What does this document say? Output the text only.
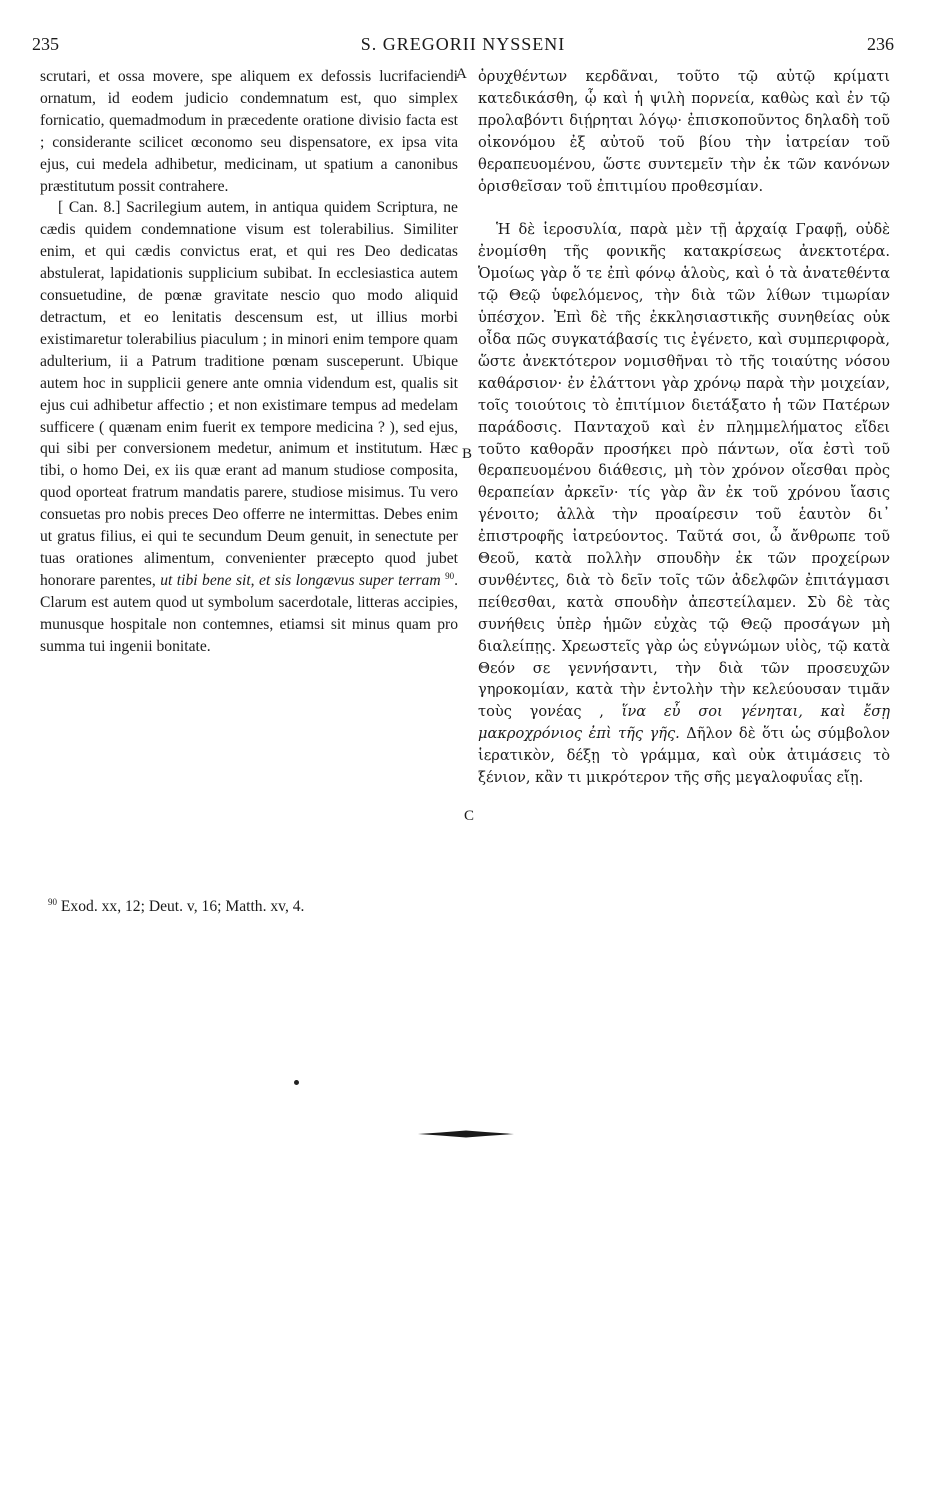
235	S. GREGORII NYSSENI	236

scrutari, et ossa movere, spe aliquem ex defossis lucrifaciendi ornatum, id eodem judicio condemnatum est, quo simplex fornicatio, quemadmodum in præcedente oratione divisio facta est ; considerante scilicet œconomo seu dispensatore, ex ipsa vita ejus, cui medela adhibetur, medicinam, ut spatium a canonibus præstitutum possit contrahere.

[ Can. 8.] Sacrilegium autem, in antiqua quidem Scriptura, ne cædis quidem condemnatione visum est tolerabilius. Similiter enim, et qui cædis convictus erat, et qui res Deo dedicatas abstulerat, lapidationis supplicium subibat. In ecclesiastica autem consuetudine, de pœnæ gravitate nescio quo modo aliquid detractum, et eo lenitatis descensum est, ut illius morbi existimaretur tolerabilius piaculum ; in minori enim tempore quam adulterium, ii a Patrum traditione pœnam susceperunt. Ubique autem hoc in supplicii genere ante omnia videndum est, qualis sit ejus cui adhibetur affectio ; et non existimare tempus ad medelam sufficere ( quænam enim fuerit ex tempore medicina ? ), sed ejus, qui sibi per conversionem medetur, animum et institutum. Hæc tibi, o homo Dei, ex iis quæ erant ad manum studiose composita, quod oporteat fratrum mandatis parere, studiose misimus. Tu vero consuetas pro nobis preces Deo offerre ne intermittas. Debes enim ut gratus filius, ei qui te secundum Deum genuit, in senectute per tuas orationes alimentum, convenienter præcepto quod jubet honorare parentes, ut tibi bene sit, et sis longævus super terram $^{90}$. Clarum est autem quod ut symbolum sacerdotale, litteras accipies, munusque hospitale non contemnes, etiamsi sit minus quam pro summa tui ingenii bonitate.

A
B
C

ὀρυχθέντων κερδᾶναι, τοῦτο τῷ αὐτῷ κρίματι κατεδικάσθη, ᾧ καὶ ἡ ψιλὴ πορνεία, καθὼς καὶ ἐν τῷ προλαβόντι διῄρηται λόγῳ· ἐπισκοποῦντος δηλαδὴ τοῦ οἰκονόμου ἐξ αὐτοῦ τοῦ βίου τὴν ἰατρείαν τοῦ θεραπευομένου, ὥστε συντεμεῖν τὴν ἐκ τῶν κανόνων ὁρισθεῖσαν τοῦ ἐπιτιμίου προθεσμίαν.

Ἡ δὲ ἱεροσυλία, παρὰ μὲν τῇ ἀρχαίᾳ Γραφῇ, οὐδὲ ἐνομίσθη τῆς φονικῆς κατακρίσεως ἀνεκτοτέρα. Ὁμοίως γὰρ ὅ τε ἐπὶ φόνῳ ἁλοὺς, καὶ ὁ τὰ ἀνατεθέντα τῷ Θεῷ ὑφελόμενος, τὴν διὰ τῶν λίθων τιμωρίαν ὑπέσχον. Ἐπὶ δὲ τῆς ἐκκλησιαστικῆς συνηθείας οὐκ οἶδα πῶς συγκατάβασίς τις ἐγένετο, καὶ συμπεριφορὰ, ὥστε ἀνεκτότερον νομισθῆναι τὸ τῆς τοιαύτης νόσου καθάρσιον· ἐν ἐλάττονι γὰρ χρόνῳ παρὰ τὴν μοιχείαν, τοῖς τοιούτοις τὸ ἐπιτίμιον διετάξατο ἡ τῶν Πατέρων παράδοσις. Πανταχοῦ καὶ ἐν πλημμελήματος εἴδει τοῦτο καθορᾶν προσήκει πρὸ πάντων, οἵα ἐστὶ τοῦ θεραπευομένου διάθεσις, μὴ τὸν χρόνον οἴεσθαι πρὸς θεραπείαν ἀρκεῖν· τίς γὰρ ἂν ἐκ τοῦ χρόνου ἴασις γένοιτο; ἀλλὰ τὴν προαίρεσιν τοῦ ἑαυτὸν δι᾽ ἐπιστροφῆς ἰατρεύοντος. Ταῦτά σοι, ὦ ἄνθρωπε τοῦ Θεοῦ, κατὰ πολλὴν σπουδὴν ἐκ τῶν προχείρων συνθέντες, διὰ τὸ δεῖν τοῖς τῶν ἀδελφῶν ἐπιτάγμασι πείθεσθαι, κατὰ σπουδὴν ἀπεστείλαμεν. Σὺ δὲ τὰς συνήθεις ὑπὲρ ἡμῶν εὐχὰς τῷ Θεῷ προσάγων μὴ διαλείπῃς. Χρεωστεῖς γὰρ ὡς εὐγνώμων υἱὸς, τῷ κατὰ Θεόν σε γεννήσαντι, τὴν διὰ τῶν προσευχῶν γηροκομίαν, κατὰ τὴν ἐντολὴν τὴν κελεύουσαν τιμᾶν τοὺς γονέας , ἵνα εὖ σοι γένηται, καὶ ἔσῃ μακροχρόνιος ἐπὶ τῆς γῆς. Δῆλον δὲ ὅτι ὡς σύμβολον ἱερατικὸν, δέξῃ τὸ γράμμα, καὶ οὐκ ἀτιμάσεις τὸ ξένιον, κἂν τι μικρότερον τῆς σῆς μεγαλοφυΐας εἴῃ.

$^{90}$ Exod. xx, 12; Deut. v, 16; Matth. xv, 4.
